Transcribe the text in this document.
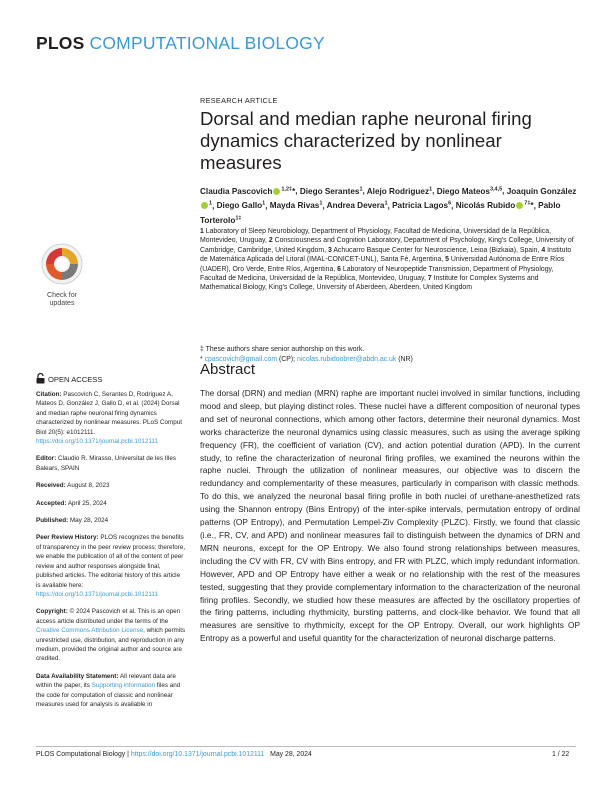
PLOS COMPUTATIONAL BIOLOGY
RESEARCH ARTICLE
Dorsal and median raphe neuronal firing dynamics characterized by nonlinear measures
Claudia Pascovich $^{1,2\ddagger}$*, Diego Serantes$^1$, Alejo Rodriguez$^1$, Diego Mateos$^{3,4,5}$, Joaquín González$^1$, Diego Gallo$^1$, Mayda Rivas$^1$, Andrea Devera$^1$, Patricia Lagos$^6$, Nicolás Rubido $^{7\ddagger}$*, Pablo Torterolo$^{1\ddagger}$
1 Laboratory of Sleep Neurobiology, Department of Physiology, Facultad de Medicina, Universidad de la República, Montevideo, Uruguay, 2 Consciousness and Cognition Laboratory, Department of Psychology, King's College, University of Cambridge, Cambridge, United Kingdom, 3 Achucarro Basque Center for Neuroscience, Leioa (Bizkaia), Spain, 4 Instituto de Matemática Aplicada del Litoral (IMAL-CONICET-UNL), Santa Fé, Argentina, 5 Universidad Autónoma de Entre Ríos (UADER), Oro Verde, Entre Ríos, Argentina, 6 Laboratory of Neuropeptide Transmission, Department of Physiology, Facultad de Medicina, Universidad de la República, Montevideo, Uruguay, 7 Institute for Complex Systems and Mathematical Biology, King's College, University of Aberdeen, Aberdeen, United Kingdom
‡ These authors share senior authorship on this work.
* cpascovich@gmail.com (CP); nicolas.rubidoobrer@abdn.ac.uk (NR)
Check for
updates
OPEN ACCESS

Citation: Pascovich C, Serantes D, Rodriguez A, Mateos D, González J, Gallo D, et al. (2024) Dorsal and median raphe neuronal firing dynamics characterized by nonlinear measures. PLoS Comput Biol 20(5): e1012111. https://doi.org/10.1371/journal.pcbi.1012111

Editor: Claudio R. Mirasso, Universitat de les Illes Balears, SPAIN

Received: August 8, 2023

Accepted: April 25, 2024

Published: May 28, 2024

Peer Review History: PLOS recognizes the benefits of transparency in the peer review process; therefore, we enable the publication of all of the content of peer review and author responses alongside final, published articles. The editorial history of this article is available here: https://doi.org/10.1371/journal.pcbi.1012111

Copyright: © 2024 Pascovich et al. This is an open access article distributed under the terms of the Creative Commons Attribution License, which permits unrestricted use, distribution, and reproduction in any medium, provided the original author and source are credited.

Data Availability Statement: All relevant data are within the paper, its Supporting information files and the code for computation of classic and nonlinear measures used for analysis is available in

Abstract
The dorsal (DRN) and median (MRN) raphe are important nuclei involved in similar functions, including mood and sleep, but playing distinct roles. These nuclei have a different composition of neuronal types and set of neuronal connections, which among other factors, determine their neuronal dynamics. Most works characterize the neuronal dynamics using classic measures, such as using the average spiking frequency (FR), the coefficient of variation (CV), and action potential duration (APD). In the current study, to refine the characterization of neuronal firing profiles, we examined the neurons within the raphe nuclei. Through the utilization of nonlinear measures, our objective was to discern the redundancy and complementarity of these measures, particularly in comparison with classic methods. To do this, we analyzed the neuronal basal firing profile in both nuclei of urethane-anesthetized rats using the Shannon entropy (Bins Entropy) of the inter-spike intervals, permutation entropy of ordinal patterns (OP Entropy), and Permutation Lempel-Ziv Complexity (PLZC). Firstly, we found that classic (i.e., FR, CV, and APD) and nonlinear measures fail to distinguish between the dynamics of DRN and MRN neurons, except for the OP Entropy. We also found strong relationships between measures, including the CV with FR, CV with Bins entropy, and FR with PLZC, which imply redundant information. However, APD and OP Entropy have either a weak or no relationship with the rest of the measures tested, suggesting that they provide complementary information to the characterization of the neuronal firing profiles. Secondly, we studied how these measures are affected by the oscillatory properties of the firing patterns, including rhythmicity, bursting patterns, and clock-like behavior. We found that all measures are sensitive to rhythmicity, except for the OP Entropy. Overall, our work highlights OP Entropy as a powerful and useful quantity for the characterization of neuronal discharge patterns.
PLOS Computational Biology | https://doi.org/10.1371/journal.pcbi.1012111 May 28, 2024	1 / 22
